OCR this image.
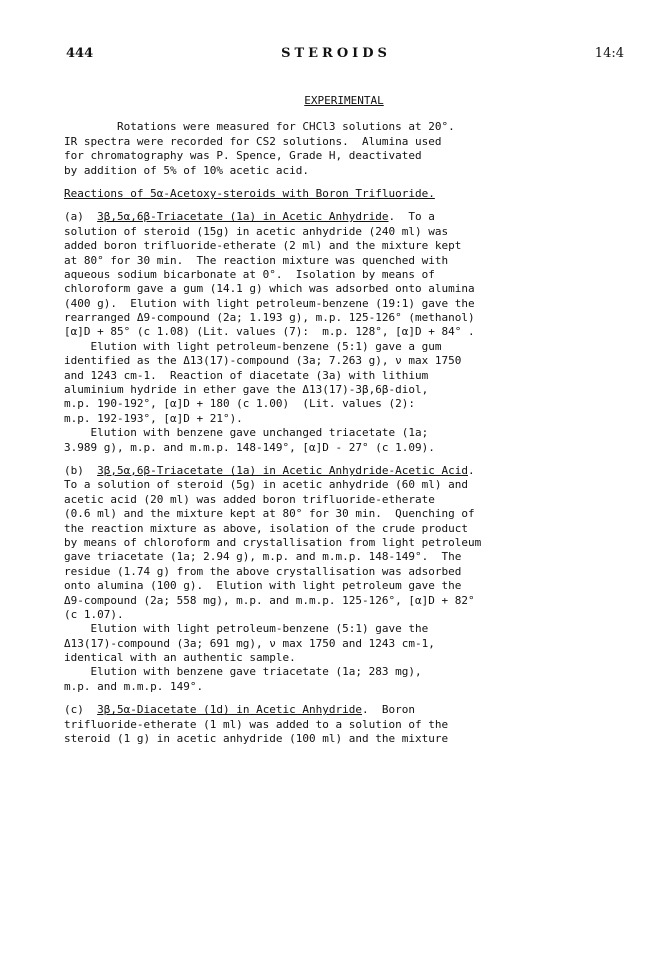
444	STEROIDS	14:4
EXPERIMENTAL
Rotations were measured for CHCl3 solutions at 20°.
IR spectra were recorded for CS2 solutions.  Alumina used
for chromatography was P. Spence, Grade H, deactivated
by addition of 5% of 10% acetic acid.
Reactions of 5α-Acetoxy-steroids with Boron Trifluoride.
(a)  3β,5α,6β-Triacetate (1a) in Acetic Anhydride.  To a
solution of steroid (15g) in acetic anhydride (240 ml) was
added boron trifluoride-etherate (2 ml) and the mixture kept
at 80° for 30 min.  The reaction mixture was quenched with
aqueous sodium bicarbonate at 0°.  Isolation by means of
chloroform gave a gum (14.1 g) which was adsorbed onto alumina
(400 g).  Elution with light petroleum-benzene (19:1) gave the
rearranged Δ9-compound (2a; 1.193 g), m.p. 125-126° (methanol)
[α]D + 85° (c 1.08) (Lit. values (7):  m.p. 128°, [α]D + 84° .
Elution with light petroleum-benzene (5:1) gave a gum
identified as the Δ13(17)-compound (3a; 7.263 g), ν max 1750
and 1243 cm-1.  Reaction of diacetate (3a) with lithium
aluminium hydride in ether gave the Δ13(17)-3β,6β-diol,
m.p. 190-192°, [α]D + 180 (c 1.00)  (Lit. values (2):
m.p. 192-193°, [α]D + 21°).
Elution with benzene gave unchanged triacetate (1a;
3.989 g), m.p. and m.m.p. 148-149°, [α]D - 27° (c 1.09).
(b)  3β,5α,6β-Triacetate (1a) in Acetic Anhydride-Acetic Acid.
To a solution of steroid (5g) in acetic anhydride (60 ml) and
acetic acid (20 ml) was added boron trifluoride-etherate
(0.6 ml) and the mixture kept at 80° for 30 min.  Quenching of
the reaction mixture as above, isolation of the crude product
by means of chloroform and crystallisation from light petroleum
gave triacetate (1a; 2.94 g), m.p. and m.m.p. 148-149°.  The
residue (1.74 g) from the above crystallisation was adsorbed
onto alumina (100 g).  Elution with light petroleum gave the
Δ9-compound (2a; 558 mg), m.p. and m.m.p. 125-126°, [α]D + 82°
(c 1.07).
Elution with light petroleum-benzene (5:1) gave the
Δ13(17)-compound (3a; 691 mg), ν max 1750 and 1243 cm-1,
identical with an authentic sample.
Elution with benzene gave triacetate (1a; 283 mg),
m.p. and m.m.p. 149°.
(c)  3β,5α-Diacetate (1d) in Acetic Anhydride.  Boron
trifluoride-etherate (1 ml) was added to a solution of the
steroid (1 g) in acetic anhydride (100 ml) and the mixture
